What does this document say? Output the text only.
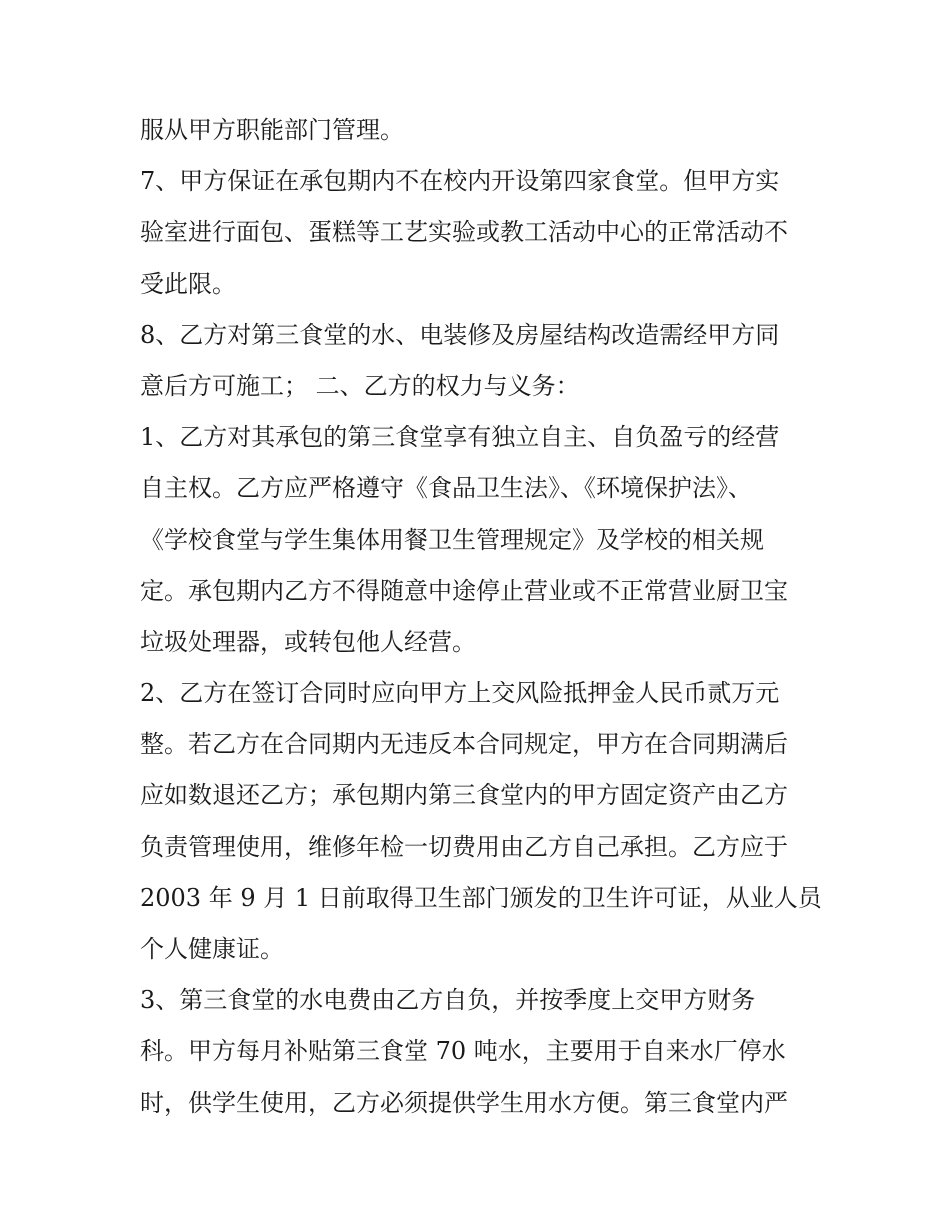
服从甲方职能部门管理。
7、甲方保证在承包期内不在校内开设第四家食堂。但甲方实
验室进行面包、蛋糕等工艺实验或教工活动中心的正常活动不
受此限。
8、乙方对第三食堂的水、电装修及房屋结构改造需经甲方同
意后方可施工； 二、乙方的权力与义务：
1、乙方对其承包的第三食堂享有独立自主、自负盈亏的经营
自主权。乙方应严格遵守《食品卫生法》、《环境保护法》、
《学校食堂与学生集体用餐卫生管理规定》及学校的相关规
定。承包期内乙方不得随意中途停止营业或不正常营业厨卫宝
垃圾处理器，或转包他人经营。
2、乙方在签订合同时应向甲方上交风险抵押金人民币贰万元
整。若乙方在合同期内无违反本合同规定，甲方在合同期满后
应如数退还乙方；承包期内第三食堂内的甲方固定资产由乙方
负责管理使用，维修年检一切费用由乙方自己承担。乙方应于
2003 年 9 月 1 日前取得卫生部门颁发的卫生许可证，从业人员
个人健康证。
3、第三食堂的水电费由乙方自负，并按季度上交甲方财务
科。甲方每月补贴第三食堂 70 吨水，主要用于自来水厂停水
时，供学生使用，乙方必须提供学生用水方便。第三食堂内严
